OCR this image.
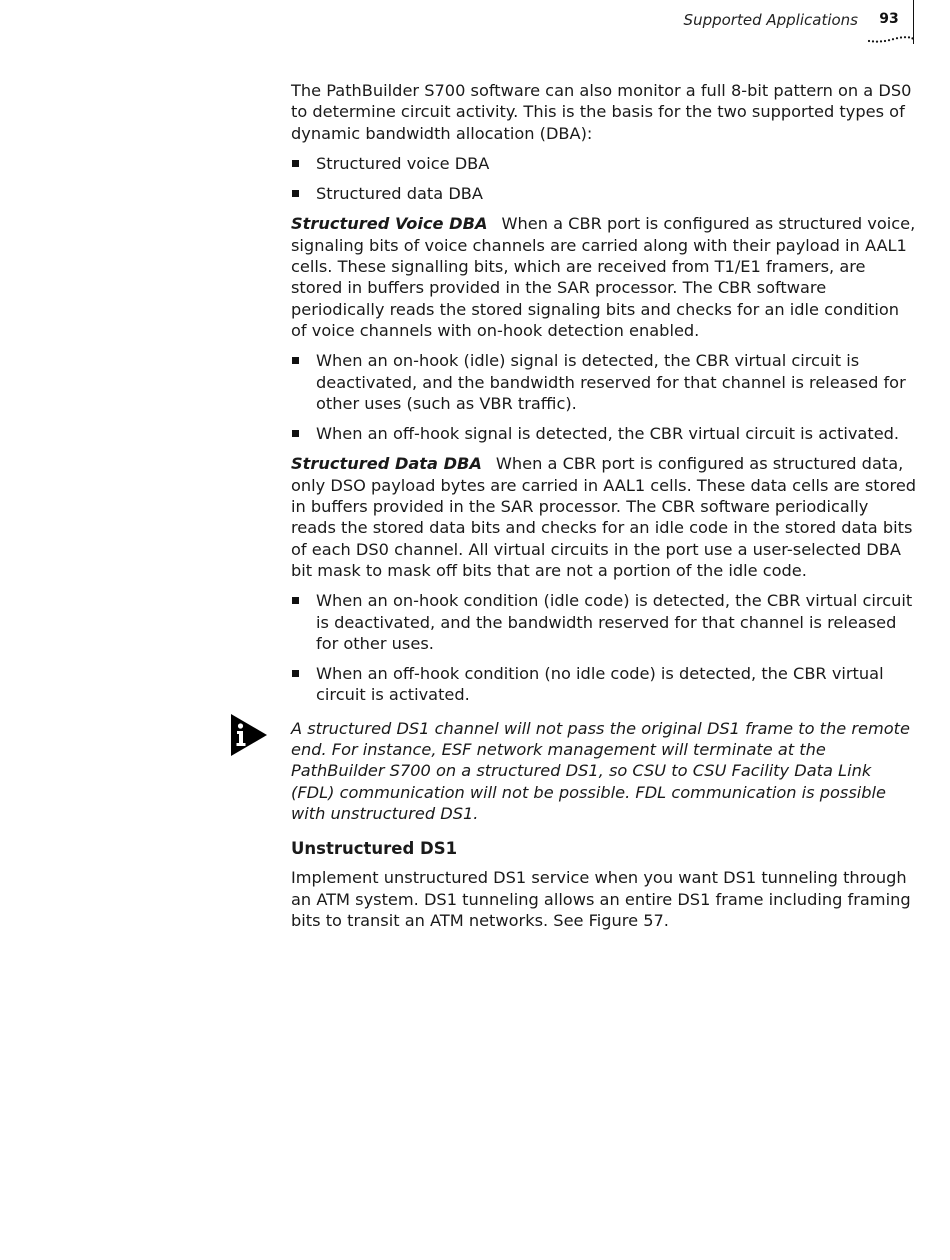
Supported Applications	93

The PathBuilder S700 software can also monitor a full 8-bit pattern on a DS0 to determine circuit activity. This is the basis for the two supported types of dynamic bandwidth allocation (DBA):

Structured voice DBA
Structured data DBA

Structured Voice DBA When a CBR port is configured as structured voice, signaling bits of voice channels are carried along with their payload in AAL1 cells. These signalling bits, which are received from T1/E1 framers, are stored in buffers provided in the SAR processor. The CBR software periodically reads the stored signaling bits and checks for an idle condition of voice channels with on-hook detection enabled.

When an on-hook (idle) signal is detected, the CBR virtual circuit is deactivated, and the bandwidth reserved for that channel is released for other uses (such as VBR traffic).
When an off-hook signal is detected, the CBR virtual circuit is activated.

Structured Data DBA When a CBR port is configured as structured data, only DSO payload bytes are carried in AAL1 cells. These data cells are stored in buffers provided in the SAR processor. The CBR software periodically reads the stored data bits and checks for an idle code in the stored data bits of each DS0 channel. All virtual circuits in the port use a user-selected DBA bit mask to mask off bits that are not a portion of the idle code.

When an on-hook condition (idle code) is detected, the CBR virtual circuit is deactivated, and the bandwidth reserved for that channel is released for other uses.
When an off-hook condition (no idle code) is detected, the CBR virtual circuit is activated.

A structured DS1 channel will not pass the original DS1 frame to the remote end. For instance, ESF network management will terminate at the PathBuilder S700 on a structured DS1, so CSU to CSU Facility Data Link (FDL) communication will not be possible. FDL communication is possible with unstructured DS1.

Unstructured DS1

Implement unstructured DS1 service when you want DS1 tunneling through an ATM system. DS1 tunneling allows an entire DS1 frame including framing bits to transit an ATM networks. See Figure 57.
